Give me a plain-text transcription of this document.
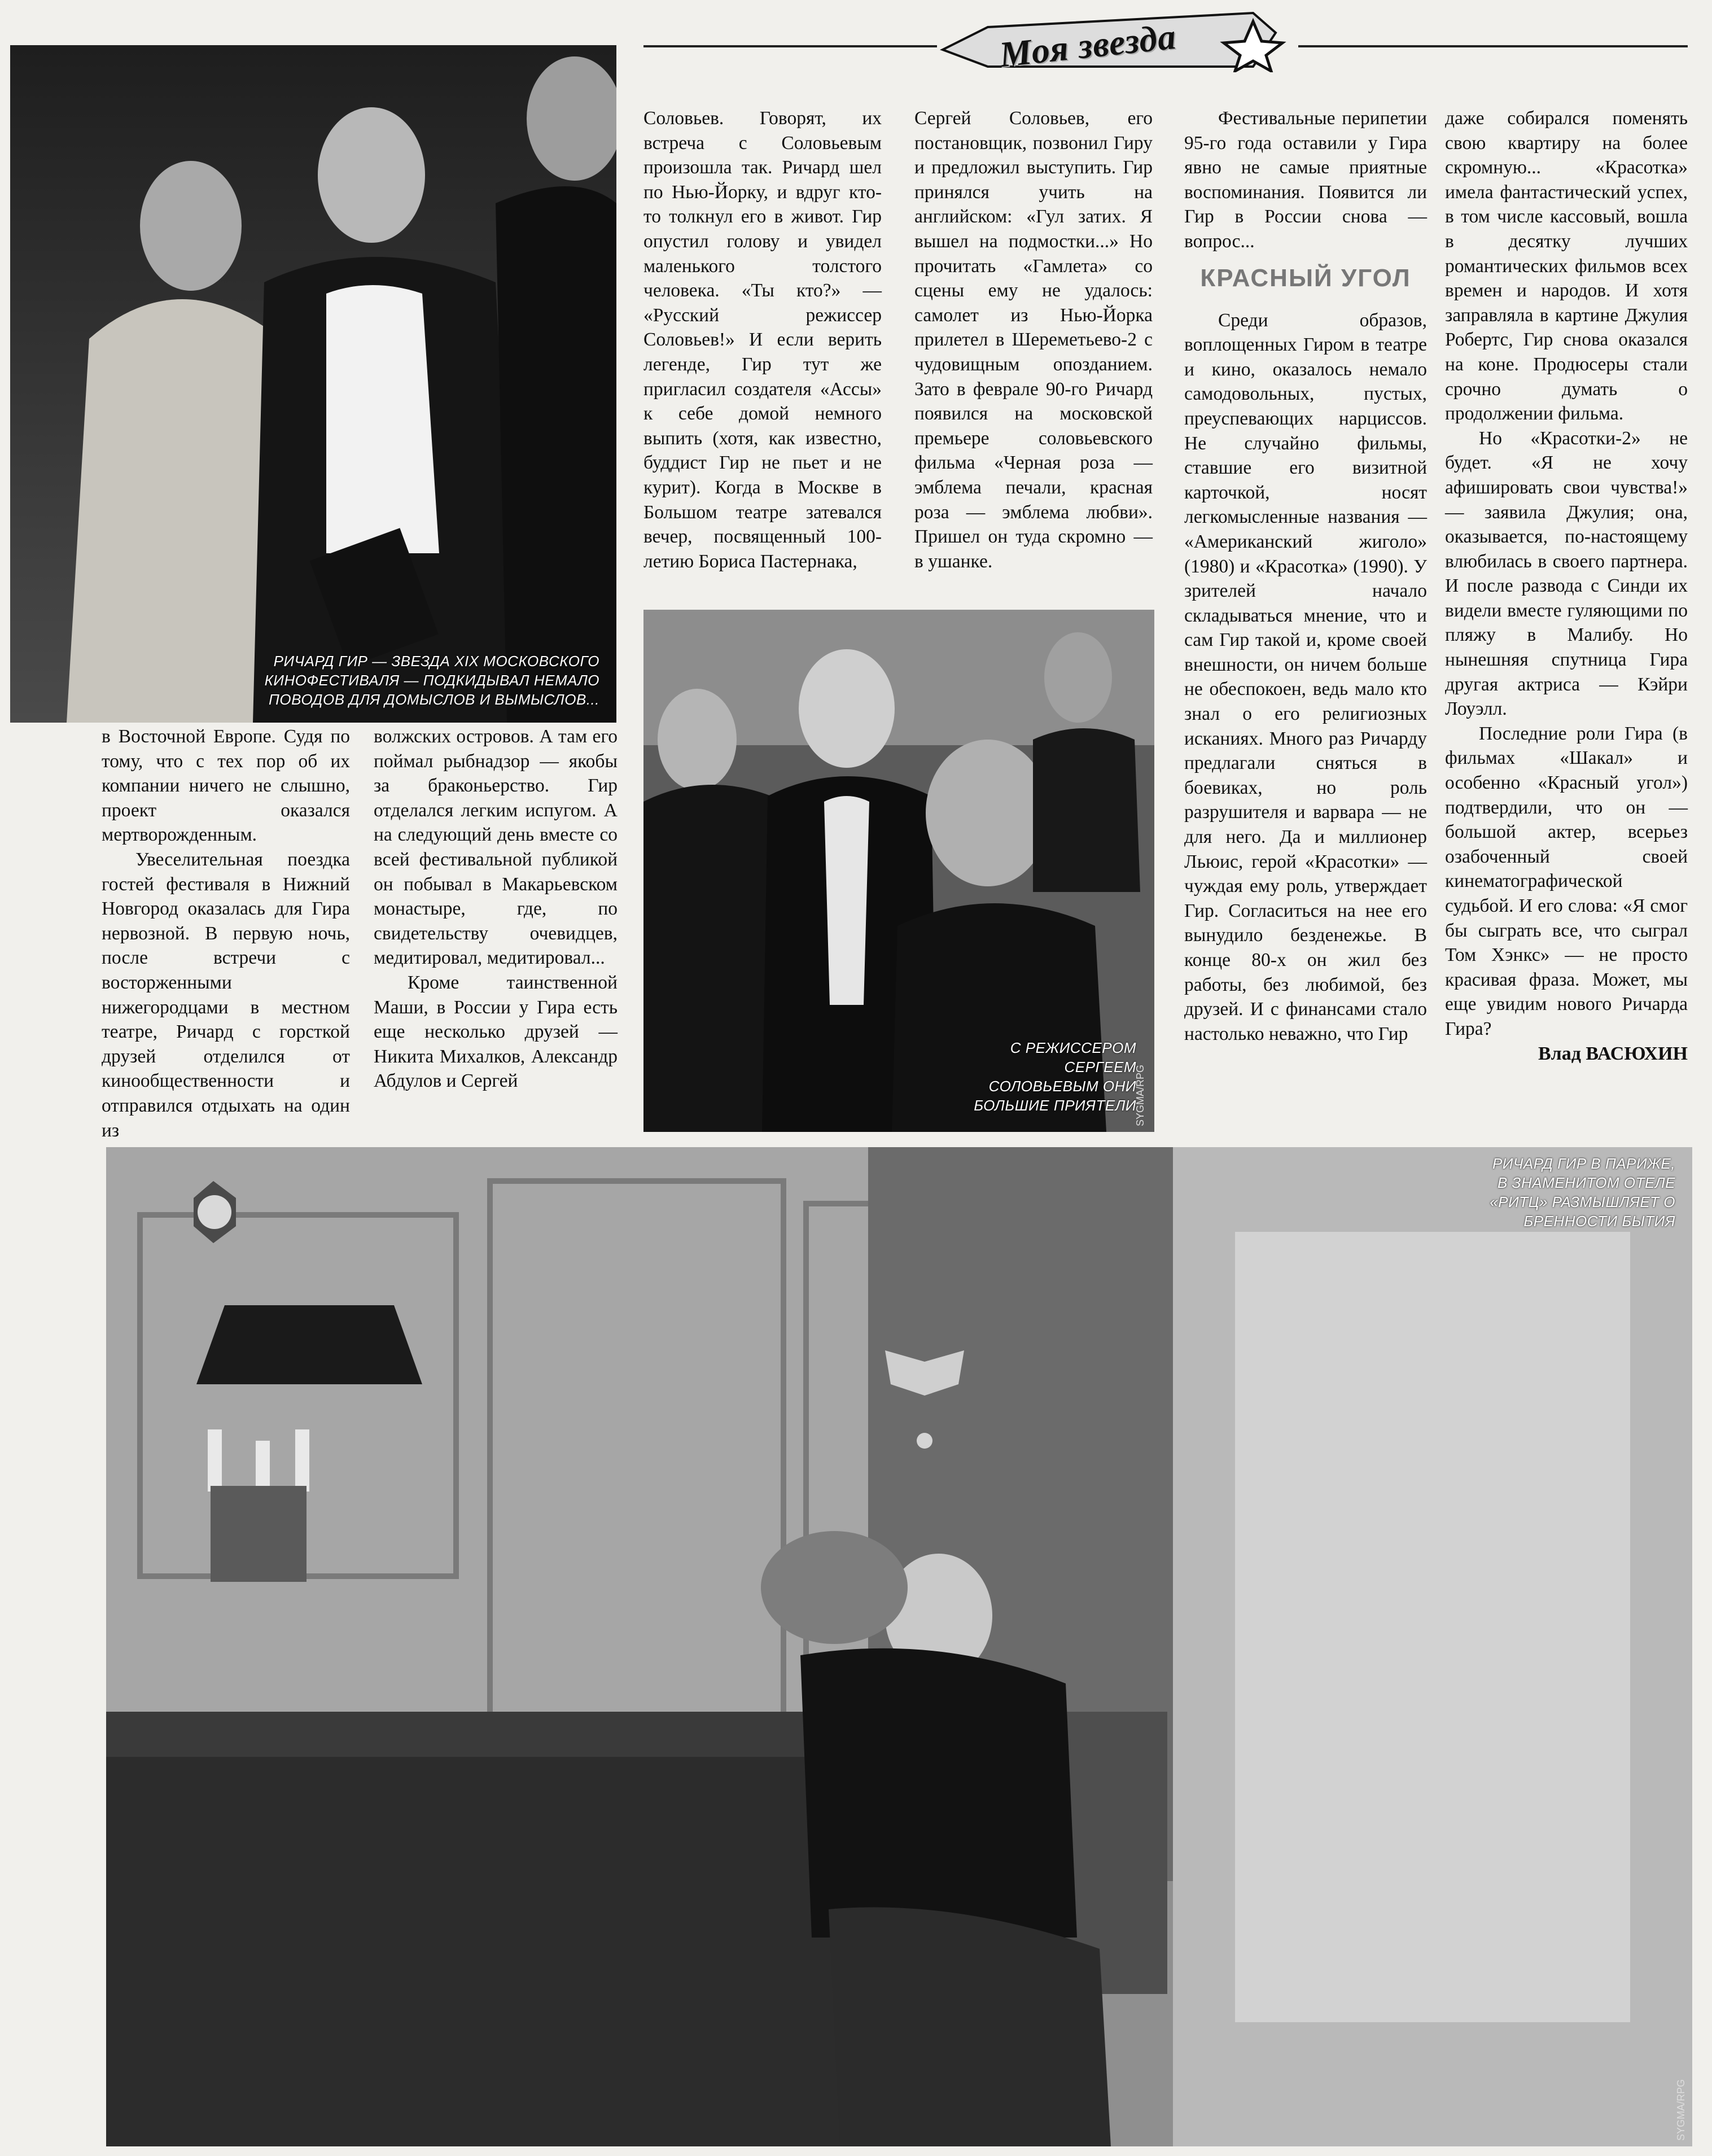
Моя звезда
РИЧАРД ГИР — ЗВЕЗДА XIX МОСКОВСКОГО КИНОФЕСТИВАЛЯ — ПОДКИДЫВАЛ НЕМАЛО ПОВОДОВ ДЛЯ ДОМЫСЛОВ И ВЫМЫСЛОВ...
С РЕЖИССЕРОМ СЕРГЕЕМ СОЛОВЬЕВЫМ ОНИ БОЛЬШИЕ ПРИЯТЕЛИ
SYGMA/RPG

в Восточной Европе. Судя по тому, что с тех пор об их компании ничего не слышно, проект оказался мертворожденным.

Увеселительная поездка гостей фестиваля в Нижний Новгород оказалась для Гира нервозной. В первую ночь, после встречи с восторженными нижегородцами в местном театре, Ричард с горсткой друзей отделился от кинообщественности и отправился отдыхать на один из

волжских островов. А там его поймал рыбнадзор — якобы за браконьерство. Гир отделался легким испугом. А на следующий день вместе со всей фестивальной публикой он побывал в Макарьевском монастыре, где, по свидетельству очевидцев, медитировал, медитировал...

Кроме таинственной Маши, в России у Гира есть еще несколько друзей — Никита Михалков, Александр Абдулов и Сергей

Соловьев. Говорят, их встреча с Соловьевым произошла так. Ричард шел по Нью-Йорку, и вдруг кто-то толкнул его в живот. Гир опустил голову и увидел маленького толстого человека. «Ты кто?» — «Русский режиссер Соловьев!» И если верить легенде, Гир тут же пригласил создателя «Ассы» к себе домой немного выпить (хотя, как известно, буддист Гир не пьет и не курит). Когда в Москве в Большом театре затевался вечер, посвященный 100-летию Бориса Пастернака,

Сергей Соловьев, его постановщик, позвонил Гиру и предложил выступить. Гир принялся учить на английском: «Гул затих. Я вышел на подмостки...» Но прочитать «Гамлета» со сцены ему не удалось: самолет из Нью-Йорка прилетел в Шереметьево-2 с чудовищным опозданием. Зато в феврале 90-го Ричард появился на московской премьере соловьевского фильма «Черная роза — эмблема печали, красная роза — эмблема любви». Пришел он туда скромно — в ушанке.

Фестивальные перипетии 95-го года оставили у Гира явно не самые приятные воспоминания. Появится ли Гир в России снова — вопрос...

КРАСНЫЙ УГОЛ

Среди образов, воплощенных Гиром в театре и кино, оказалось немало самодовольных, пустых, преуспевающих нарциссов. Не случайно фильмы, ставшие его визитной карточкой, носят легкомысленные названия — «Американский жиголо» (1980) и «Красотка» (1990). У зрителей начало складываться мнение, что и сам Гир такой и, кроме своей внешности, он ничем больше не обеспокоен, ведь мало кто знал о его религиозных исканиях. Много раз Ричарду предлагали сняться в боевиках, но роль разрушителя и варвара — не для него. Да и миллионер Льюис, герой «Красотки» — чуждая ему роль, утверждает Гир. Согласиться на нее его вынудило безденежье. В конце 80-х он жил без работы, без любимой, без друзей. И с финансами стало настолько неважно, что Гир

даже собирался поменять свою квартиру на более скромную... «Красотка» имела фантастический успех, в том числе кассовый, вошла в десятку лучших романтических фильмов всех времен и народов. И хотя заправляла в картине Джулия Робертс, Гир снова оказался на коне. Продюсеры стали срочно думать о продолжении фильма.

Но «Красотки-2» не будет. «Я не хочу афишировать свои чувства!» — заявила Джулия; она, оказывается, по-настоящему влюбилась в своего партнера. И после развода с Синди их видели вместе гуляющими по пляжу в Малибу. Но нынешняя спутница Гира другая актриса — Кэйри Лоуэлл.

Последние роли Гира (в фильмах «Шакал» и особенно «Красный угол») подтвердили, что он — большой актер, всерьез озабоченный своей кинематографической судьбой. И его слова: «Я смог бы сыграть все, что сыграл Том Хэнкс» — не просто красивая фраза. Может, мы еще увидим нового Ричарда Гира?

Влад ВАСЮХИН
РИЧАРД ГИР В ПАРИЖЕ, В ЗНАМЕНИТОМ ОТЕЛЕ «РИТЦ» РАЗМЫШЛЯЕТ О БРЕННОСТИ БЫТИЯ
SYGMA/RPG
